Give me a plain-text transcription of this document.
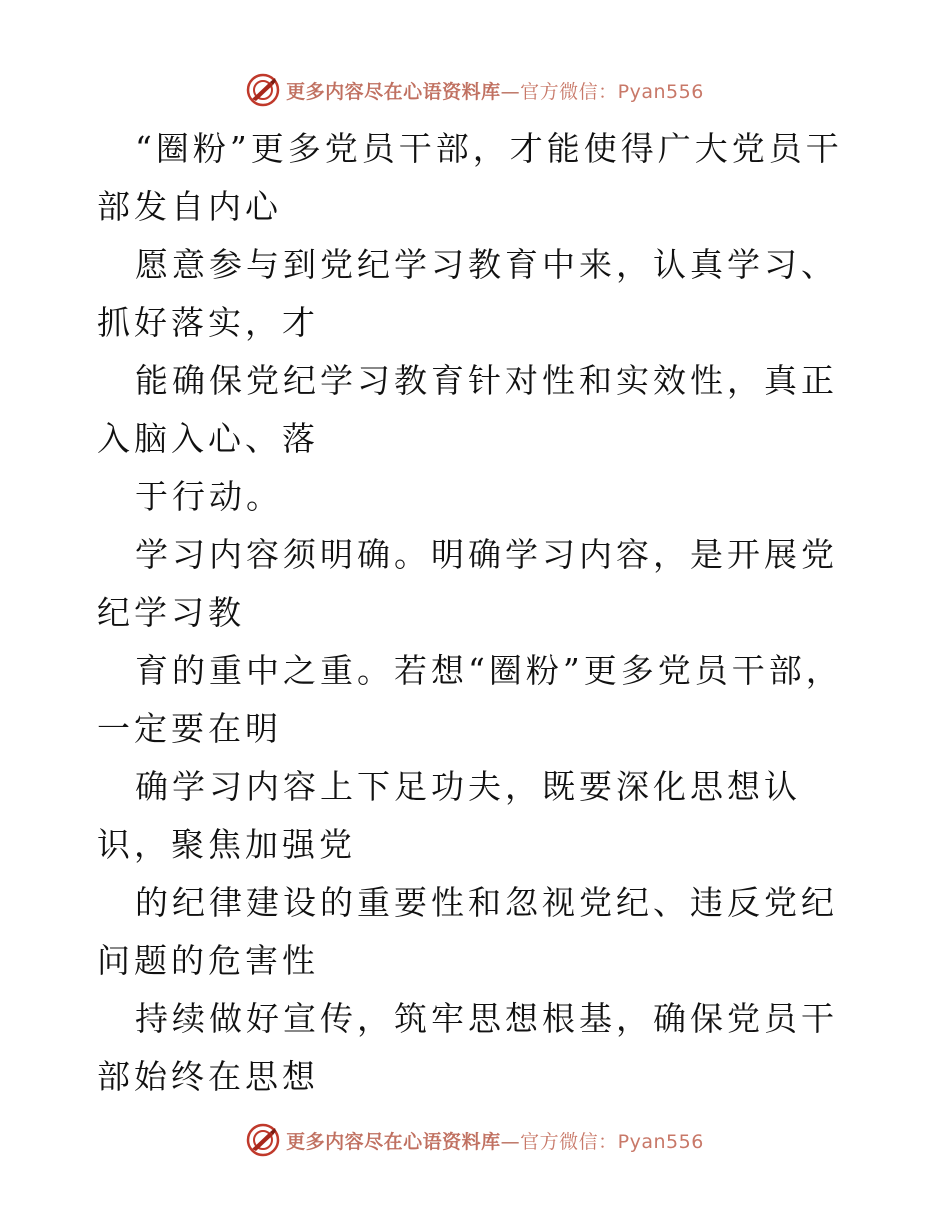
更多内容尽在心语资料库—官方微信：Pyan556

“圈粉”更多党员干部，才能使得广大党员干部发自内心

愿意参与到党纪学习教育中来，认真学习、抓好落实，才

能确保党纪学习教育针对性和实效性，真正入脑入心、落

于行动。

学习内容须明确。明确学习内容，是开展党纪学习教

育的重中之重。若想“圈粉”更多党员干部，一定要在明

确学习内容上下足功夫，既要深化思想认识，聚焦加强党

的纪律建设的重要性和忽视党纪、违反党纪问题的危害性

持续做好宣传，筑牢思想根基，确保党员干部始终在思想

更多内容尽在心语资料库—官方微信：Pyan556
